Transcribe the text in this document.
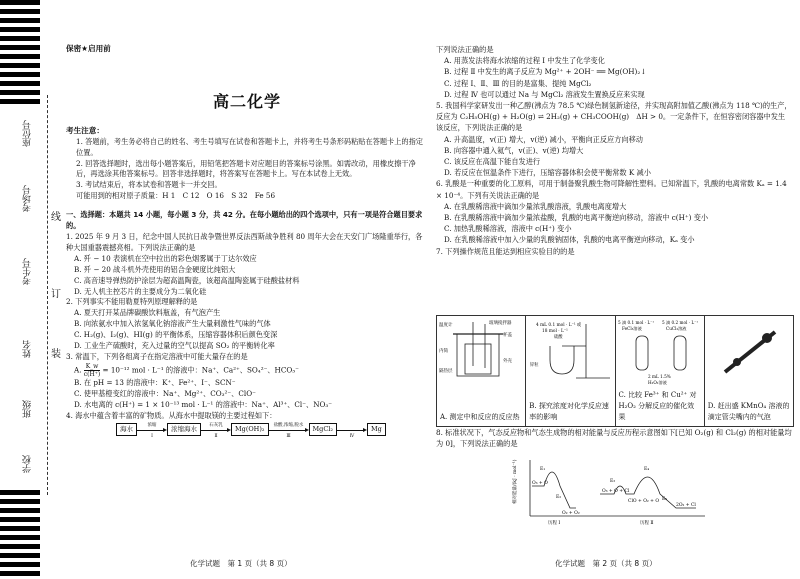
座位号
考场号
考生号
姓名
班级
学校
线
订
装
保密★启用前
高二化学
考生注意：

1. 答题前，考生务必将自己的姓名、考生号填写在试卷和答题卡上，并将考生号条形码粘贴在答题卡上的指定位置。

2. 回答选择题时，选出每小题答案后，用铅笔把答题卡对应题目的答案标号涂黑。如需改动，用橡皮擦干净后，再选涂其他答案标号。回答非选择题时，将答案写在答题卡上。写在本试卷上无效。

3. 考试结束后，将本试卷和答题卡一并交回。

可能用到的相对原子质量：H 1　C 12　O 16　S 32　Fe 56

一、选择题：本题共 14 小题，每小题 3 分，共 42 分。在每小题给出的四个选项中，只有一项是符合题目要求的。

1. 2025 年 9 月 3 日，纪念中国人民抗日战争暨世界反法西斯战争胜利 80 周年大会在天安门广场隆重举行，各种大国重器震撼亮相。下列说法正确的是

A. 歼 − 10 表演机在空中拉出的彩色烟雾属于丁达尔效应

B. 歼 − 20 战斗机外壳使用的铝合金硬度比纯铝大

C. 高音速导弹热防护涂层为超高温陶瓷，该超高温陶瓷属于硅酸盐材料

D. 无人机主控芯片的主要成分为二氧化硅

2. 下列事实不能用勒夏特列原理解释的是

A. 夏天打开某品牌碳酸饮料瓶盖，有气泡产生

B. 向浓氨水中加入浓氢氧化钠溶液产生大量刺激性气味的气体

C. H₂(g)、I₂(g)、HI(g) 的平衡体系，压缩容器体积后颜色变深

D. 工业生产硫酸时，充入过量的空气以提高 SO₂ 的平衡转化率

3. 常温下，下列各组离子在指定溶液中可能大量存在的是

A. $\frac{K\_w}{c(H^+)} = 10^{-12}$ mol · L⁻¹ 的溶液中：Na⁺、Ca²⁺、SO₄²⁻、HCO₃⁻

B. 在 pH = 13 的溶液中：K⁺、Fe²⁺、I⁻、SCN⁻

C. 使甲基橙变红的溶液中：Na⁺、Mg²⁺、CO₃²⁻、ClO⁻

D. 水电离的 c(H⁺) = 1 × 10⁻¹³ mol · L⁻¹ 的溶液中：Na⁺、Al³⁺、Cl⁻、NO₃⁻

4. 海水中蕴含着丰富的矿物质。从海水中提取镁的主要过程如下：

海水	浓缩
Ⅰ
浓缩海水	石灰乳
Ⅱ
Mg(OH)₂	盐酸,浓缩,脱水
Ⅲ
MgCl₂
Ⅳ
Mg

下列说法正确的是

A. 用蒸发法将海水浓缩的过程 Ⅰ 中发生了化学变化

B. 过程 Ⅱ 中发生的离子反应为 Mg²⁺ + 2OH⁻ ══ Mg(OH)₂↓

C. 过程 Ⅰ、Ⅱ、Ⅲ 的目的是富集、提纯 MgCl₂

D. 过程 Ⅳ 也可以通过 Na 与 MgCl₂ 溶液发生置换反应来实现

5. 我国科学家研发出一种乙醇(沸点为 78.5 ℃)绿色制氢新途径，并实现高附加值乙酸(沸点为 118 ℃)的生产，反应为 C₂H₅OH(g) + H₂O(g) ⇌ 2H₂(g) + CH₃COOH(g)　ΔH > 0。一定条件下，在恒容密闭容器中发生该反应，下列说法正确的是

A. 升高温度，v(正) 增大，v(逆) 减小，平衡向正反应方向移动

B. 向容器中通入氦气，v(正)、v(逆) 均增大

C. 该反应在高温下能自发进行

D. 若反应在恒温条件下进行，压缩容器体积会使平衡常数 K 减小

6. 乳酸是一种重要的化工原料，可用于制备聚乳酸生物可降解性塑料。已知常温下，乳酸的电离常数 Kₐ = 1.4 × 10⁻⁴。下列有关说法正确的是

A. 在乳酸稀溶液中滴加少量浓乳酸溶液，乳酸电离度增大

B. 在乳酸稀溶液中滴加少量浓盐酸，乳酸的电离平衡逆向移动，溶液中 c(H⁺) 变小

C. 加热乳酸稀溶液，溶液中 c(H⁺) 变小

D. 在乳酸稀溶液中加入少量的乳酸钠固体，乳酸的电离平衡逆向移动，Kₐ 变小

7. 下列操作规范且能达到相应实验目的的是

温度计	玻璃搅拌器
杯盖
内筒
外壳
隔热层
A. 测定中和反应的反应热
4 mL 0.1 mol · L⁻¹ 或
18 mol · L⁻¹
硫酸
锌粒
B. 探究浓度对化学反应速率的影响
5 滴 0.1 mol · L⁻¹
FeCl₃溶液
5 滴 0.2 mol · L⁻¹
CuCl₂溶液
2 mL 1.5%
H₂O₂溶液
C. 比较 Fe³⁺ 和 Cu²⁺ 对 H₂O₂ 分解反应的催化效果
D. 赶出盛 KMnO₄ 溶液的滴定管尖嘴内的气泡

8. 标准状况下，气态反应物和气态生成物的相对能量与反应历程示意图如下[已知 O₂(g) 和 Cl₂(g) 的相对能量均为 0]，下列说法正确的是

相对能量/(kJ · mol⁻¹)	O₃ + O
O₂ + O₂
O₃ + O + Cl
ClO + O₂ + O
2O₂ + Cl
历程 Ⅰ	历程 Ⅱ
E₁
E₂
E₃
E₄
E₅
化学试题　第 1 页（共 8 页）	化学试题　第 2 页（共 8 页）
